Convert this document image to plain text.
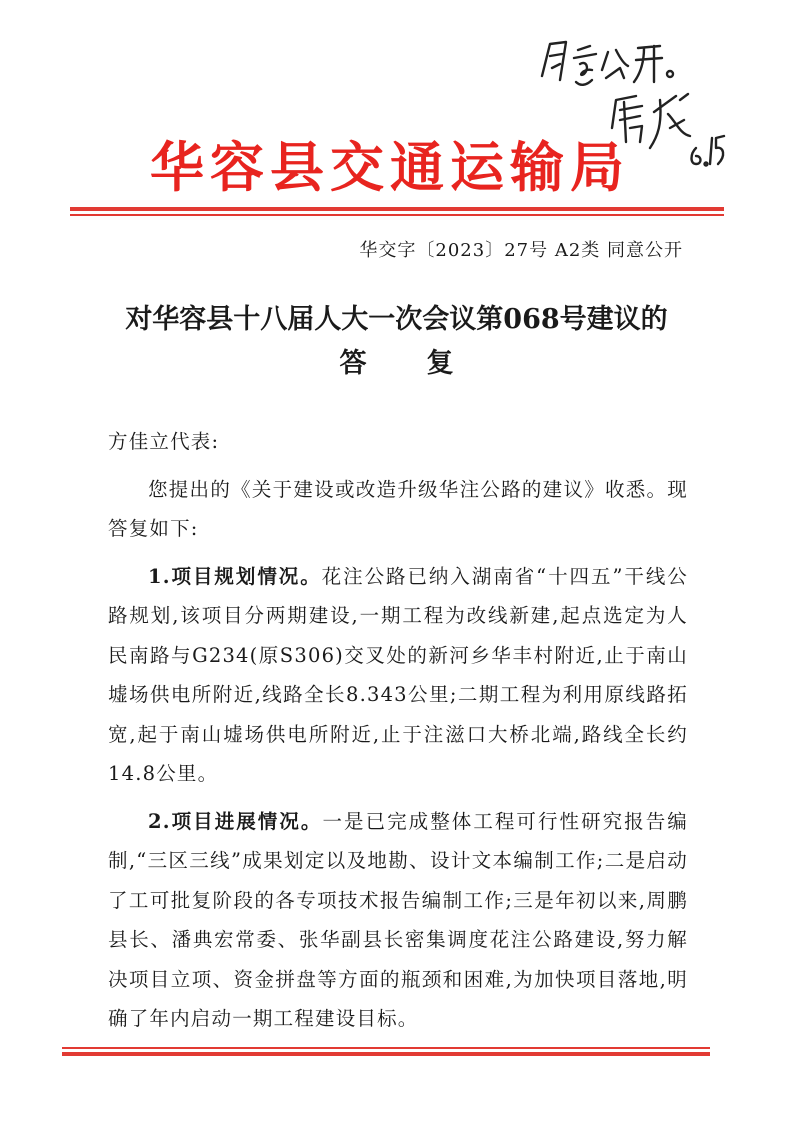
华容县交通运输局
华交字〔2023〕27号 A2类 同意公开
对华容县十八届人大一次会议第068号建议的
答复

方佳立代表:

您提出的《关于建设或改造升级华注公路的建议》收悉。现答复如下:

1.项目规划情况。花注公路已纳入湖南省“十四五”干线公路规划,该项目分两期建设,一期工程为改线新建,起点选定为人民南路与G234(原S306)交叉处的新河乡华丰村附近,止于南山墟场供电所附近,线路全长8.343公里;二期工程为利用原线路拓宽,起于南山墟场供电所附近,止于注滋口大桥北端,路线全长约14.8公里。

2.项目进展情况。一是已完成整体工程可行性研究报告编制,“三区三线”成果划定以及地勘、设计文本编制工作;二是启动了工可批复阶段的各专项技术报告编制工作;三是年初以来,周鹏县长、潘典宏常委、张华副县长密集调度花注公路建设,努力解决项目立项、资金拼盘等方面的瓶颈和困难,为加快项目落地,明确了年内启动一期工程建设目标。
